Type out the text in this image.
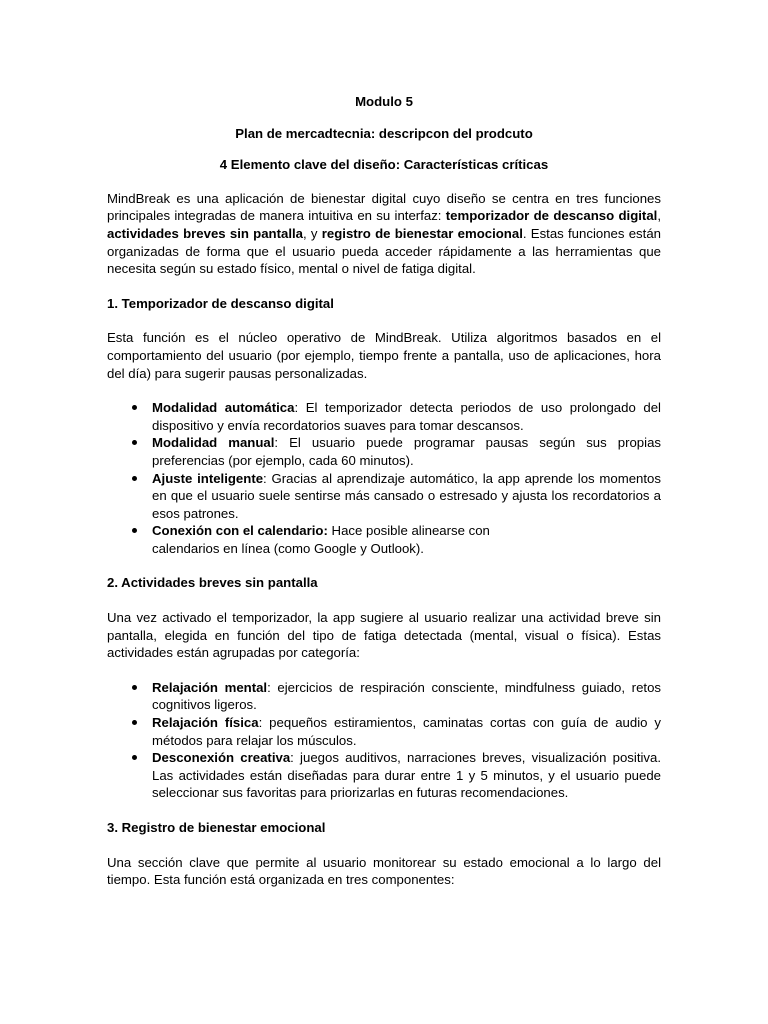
Modulo 5

Plan de mercadtecnia: descripcon del prodcuto

4 Elemento clave del diseño: Características críticas

MindBreak es una aplicación de bienestar digital cuyo diseño se centra en tres funciones principales integradas de manera intuitiva en su interfaz: temporizador de descanso digital, actividades breves sin pantalla, y registro de bienestar emocional. Estas funciones están organizadas de forma que el usuario pueda acceder rápidamente a las herramientas que necesita según su estado físico, mental o nivel de fatiga digital.

1. Temporizador de descanso digital

Esta función es el núcleo operativo de MindBreak. Utiliza algoritmos basados en el comportamiento del usuario (por ejemplo, tiempo frente a pantalla, uso de aplicaciones, hora del día) para sugerir pausas personalizadas.

Modalidad automática: El temporizador detecta periodos de uso prolongado del dispositivo y envía recordatorios suaves para tomar descansos.
Modalidad manual: El usuario puede programar pausas según sus propias preferencias (por ejemplo, cada 60 minutos).
Ajuste inteligente: Gracias al aprendizaje automático, la app aprende los momentos en que el usuario suele sentirse más cansado o estresado y ajusta los recordatorios a esos patrones.
Conexión con el calendario: Hace posible alinearse con calendarios en línea (como Google y Outlook).

2. Actividades breves sin pantalla

Una vez activado el temporizador, la app sugiere al usuario realizar una actividad breve sin pantalla, elegida en función del tipo de fatiga detectada (mental, visual o física). Estas actividades están agrupadas por categoría:

Relajación mental: ejercicios de respiración consciente, mindfulness guiado, retos cognitivos ligeros.
Relajación física: pequeños estiramientos, caminatas cortas con guía de audio y métodos para relajar los músculos.
Desconexión creativa: juegos auditivos, narraciones breves, visualización positiva. Las actividades están diseñadas para durar entre 1 y 5 minutos, y el usuario puede seleccionar sus favoritas para priorizarlas en futuras recomendaciones.

3. Registro de bienestar emocional

Una sección clave que permite al usuario monitorear su estado emocional a lo largo del tiempo. Esta función está organizada en tres componentes:
